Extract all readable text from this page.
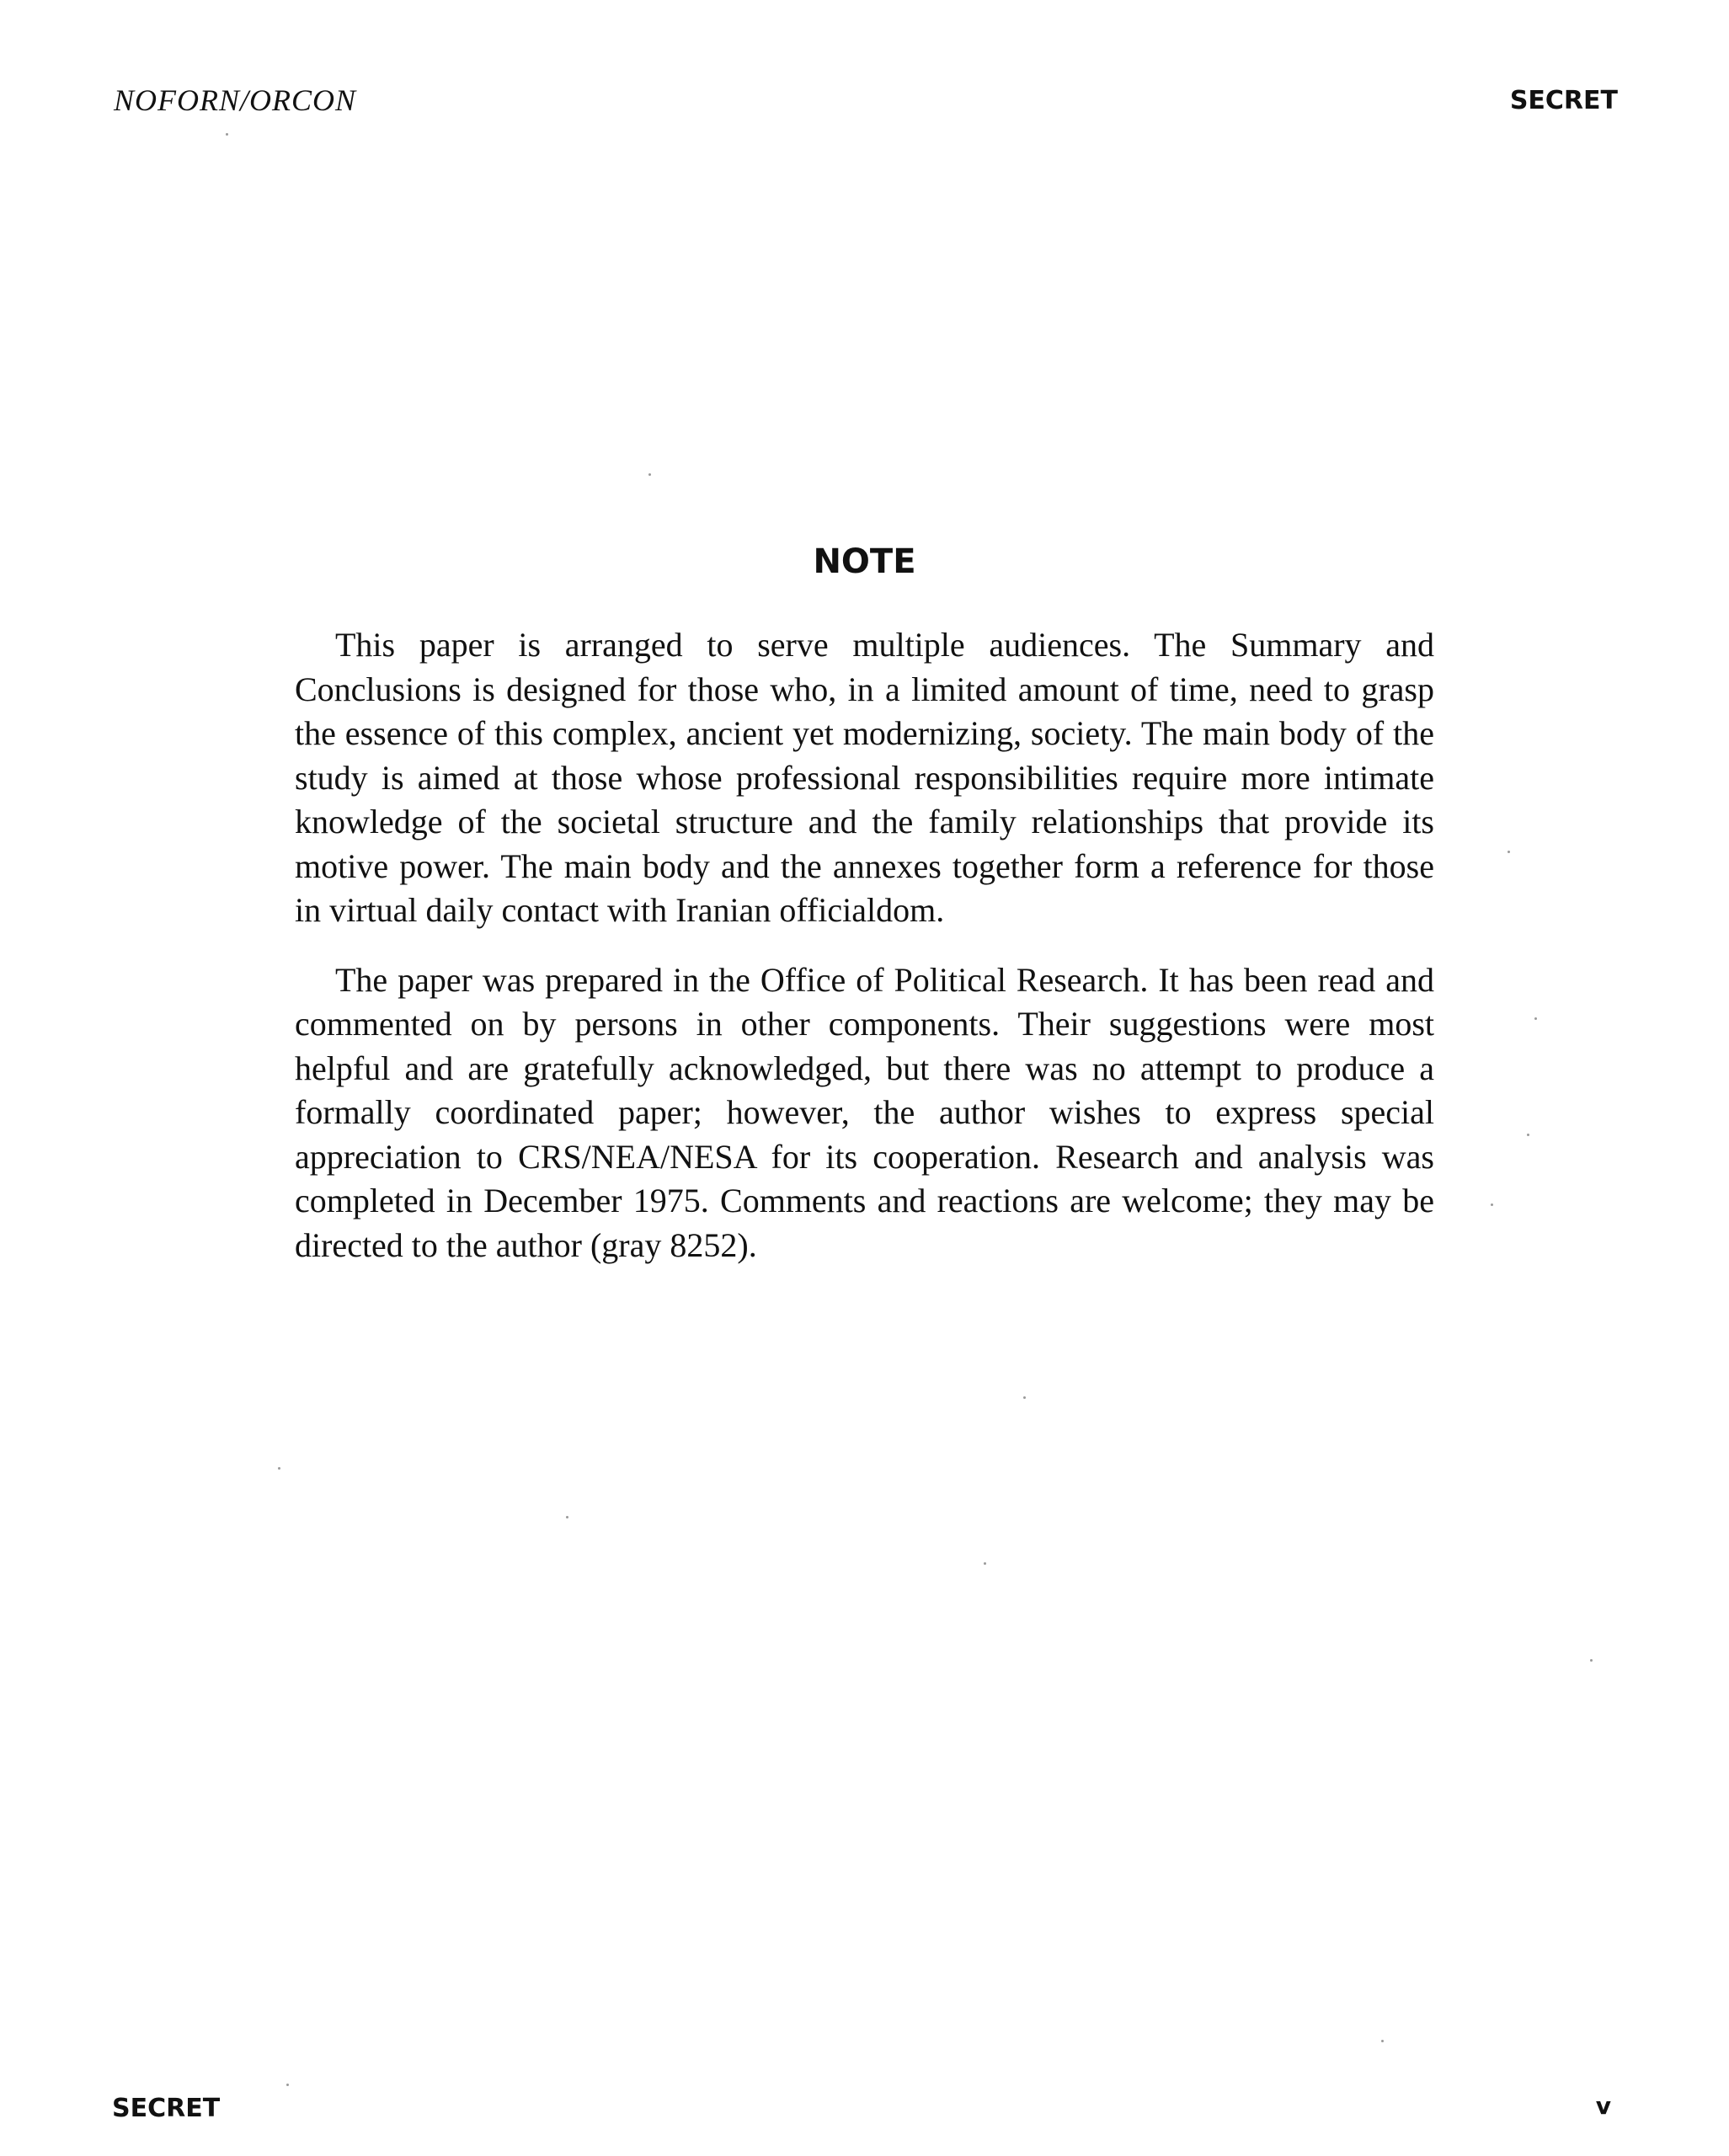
NOFORN/ORCON	SECRET
NOTE

This paper is arranged to serve multiple audiences. The Summary and Conclusions is designed for those who, in a limited amount of time, need to grasp the essence of this complex, ancient yet modernizing, society. The main body of the study is aimed at those whose professional responsibilities require more intimate knowledge of the societal structure and the family relationships that provide its motive power. The main body and the annexes together form a reference for those in virtual daily contact with Iranian officialdom.

The paper was prepared in the Office of Political Research. It has been read and commented on by persons in other components. Their suggestions were most helpful and are gratefully acknowledged, but there was no attempt to produce a formally coordinated paper; however, the author wishes to express special appreciation to CRS/NEA/NESA for its cooperation. Research and analysis was completed in December 1975. Comments and reactions are welcome; they may be directed to the author (gray 8252).

SECRET	v
